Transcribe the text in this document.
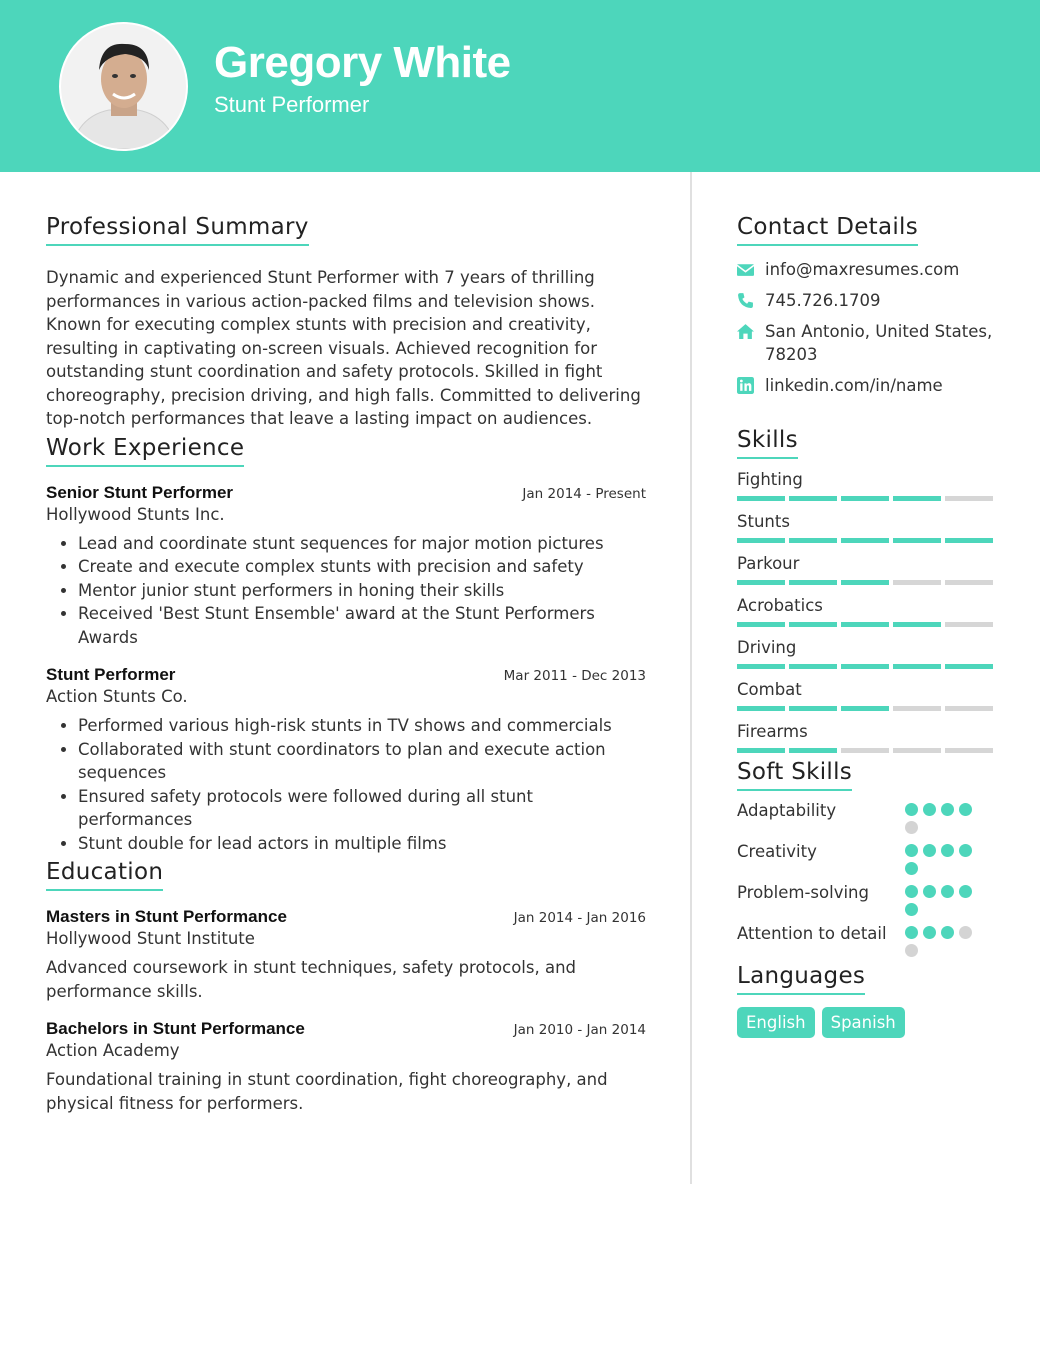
Gregory White
Stunt Performer
Professional Summary

Dynamic and experienced Stunt Performer with 7 years of thrilling performances in various action-packed films and television shows. Known for executing complex stunts with precision and creativity, resulting in captivating on-screen visuals. Achieved recognition for outstanding stunt coordination and safety protocols. Skilled in fight choreography, precision driving, and high falls. Committed to delivering top-notch performances that leave a lasting impact on audiences.

Work Experience
Senior Stunt Performer	Jan 2014 - Present
Hollywood Stunts Inc.
• Lead and coordinate stunt sequences for major motion pictures
• Create and execute complex stunts with precision and safety
• Mentor junior stunt performers in honing their skills
• Received 'Best Stunt Ensemble' award at the Stunt Performers Awards
Stunt Performer	Mar 2011 - Dec 2013
Action Stunts Co.
• Performed various high-risk stunts in TV shows and commercials
• Collaborated with stunt coordinators to plan and execute action sequences
• Ensured safety protocols were followed during all stunt performances
• Stunt double for lead actors in multiple films
Education
Masters in Stunt Performance	Jan 2014 - Jan 2016
Hollywood Stunt Institute

Advanced coursework in stunt techniques, safety protocols, and performance skills.

Bachelors in Stunt Performance	Jan 2010 - Jan 2014
Action Academy

Foundational training in stunt coordination, fight choreography, and physical fitness for performers.

Contact Details
info@maxresumes.com
745.726.1709
San Antonio, United States, 78203
linkedin.com/in/name
Skills
Fighting
Stunts
Parkour
Acrobatics
Driving
Combat
Firearms
Soft Skills
Adaptability
Creativity
Problem-solving
Attention to detail
Languages
English	Spanish
